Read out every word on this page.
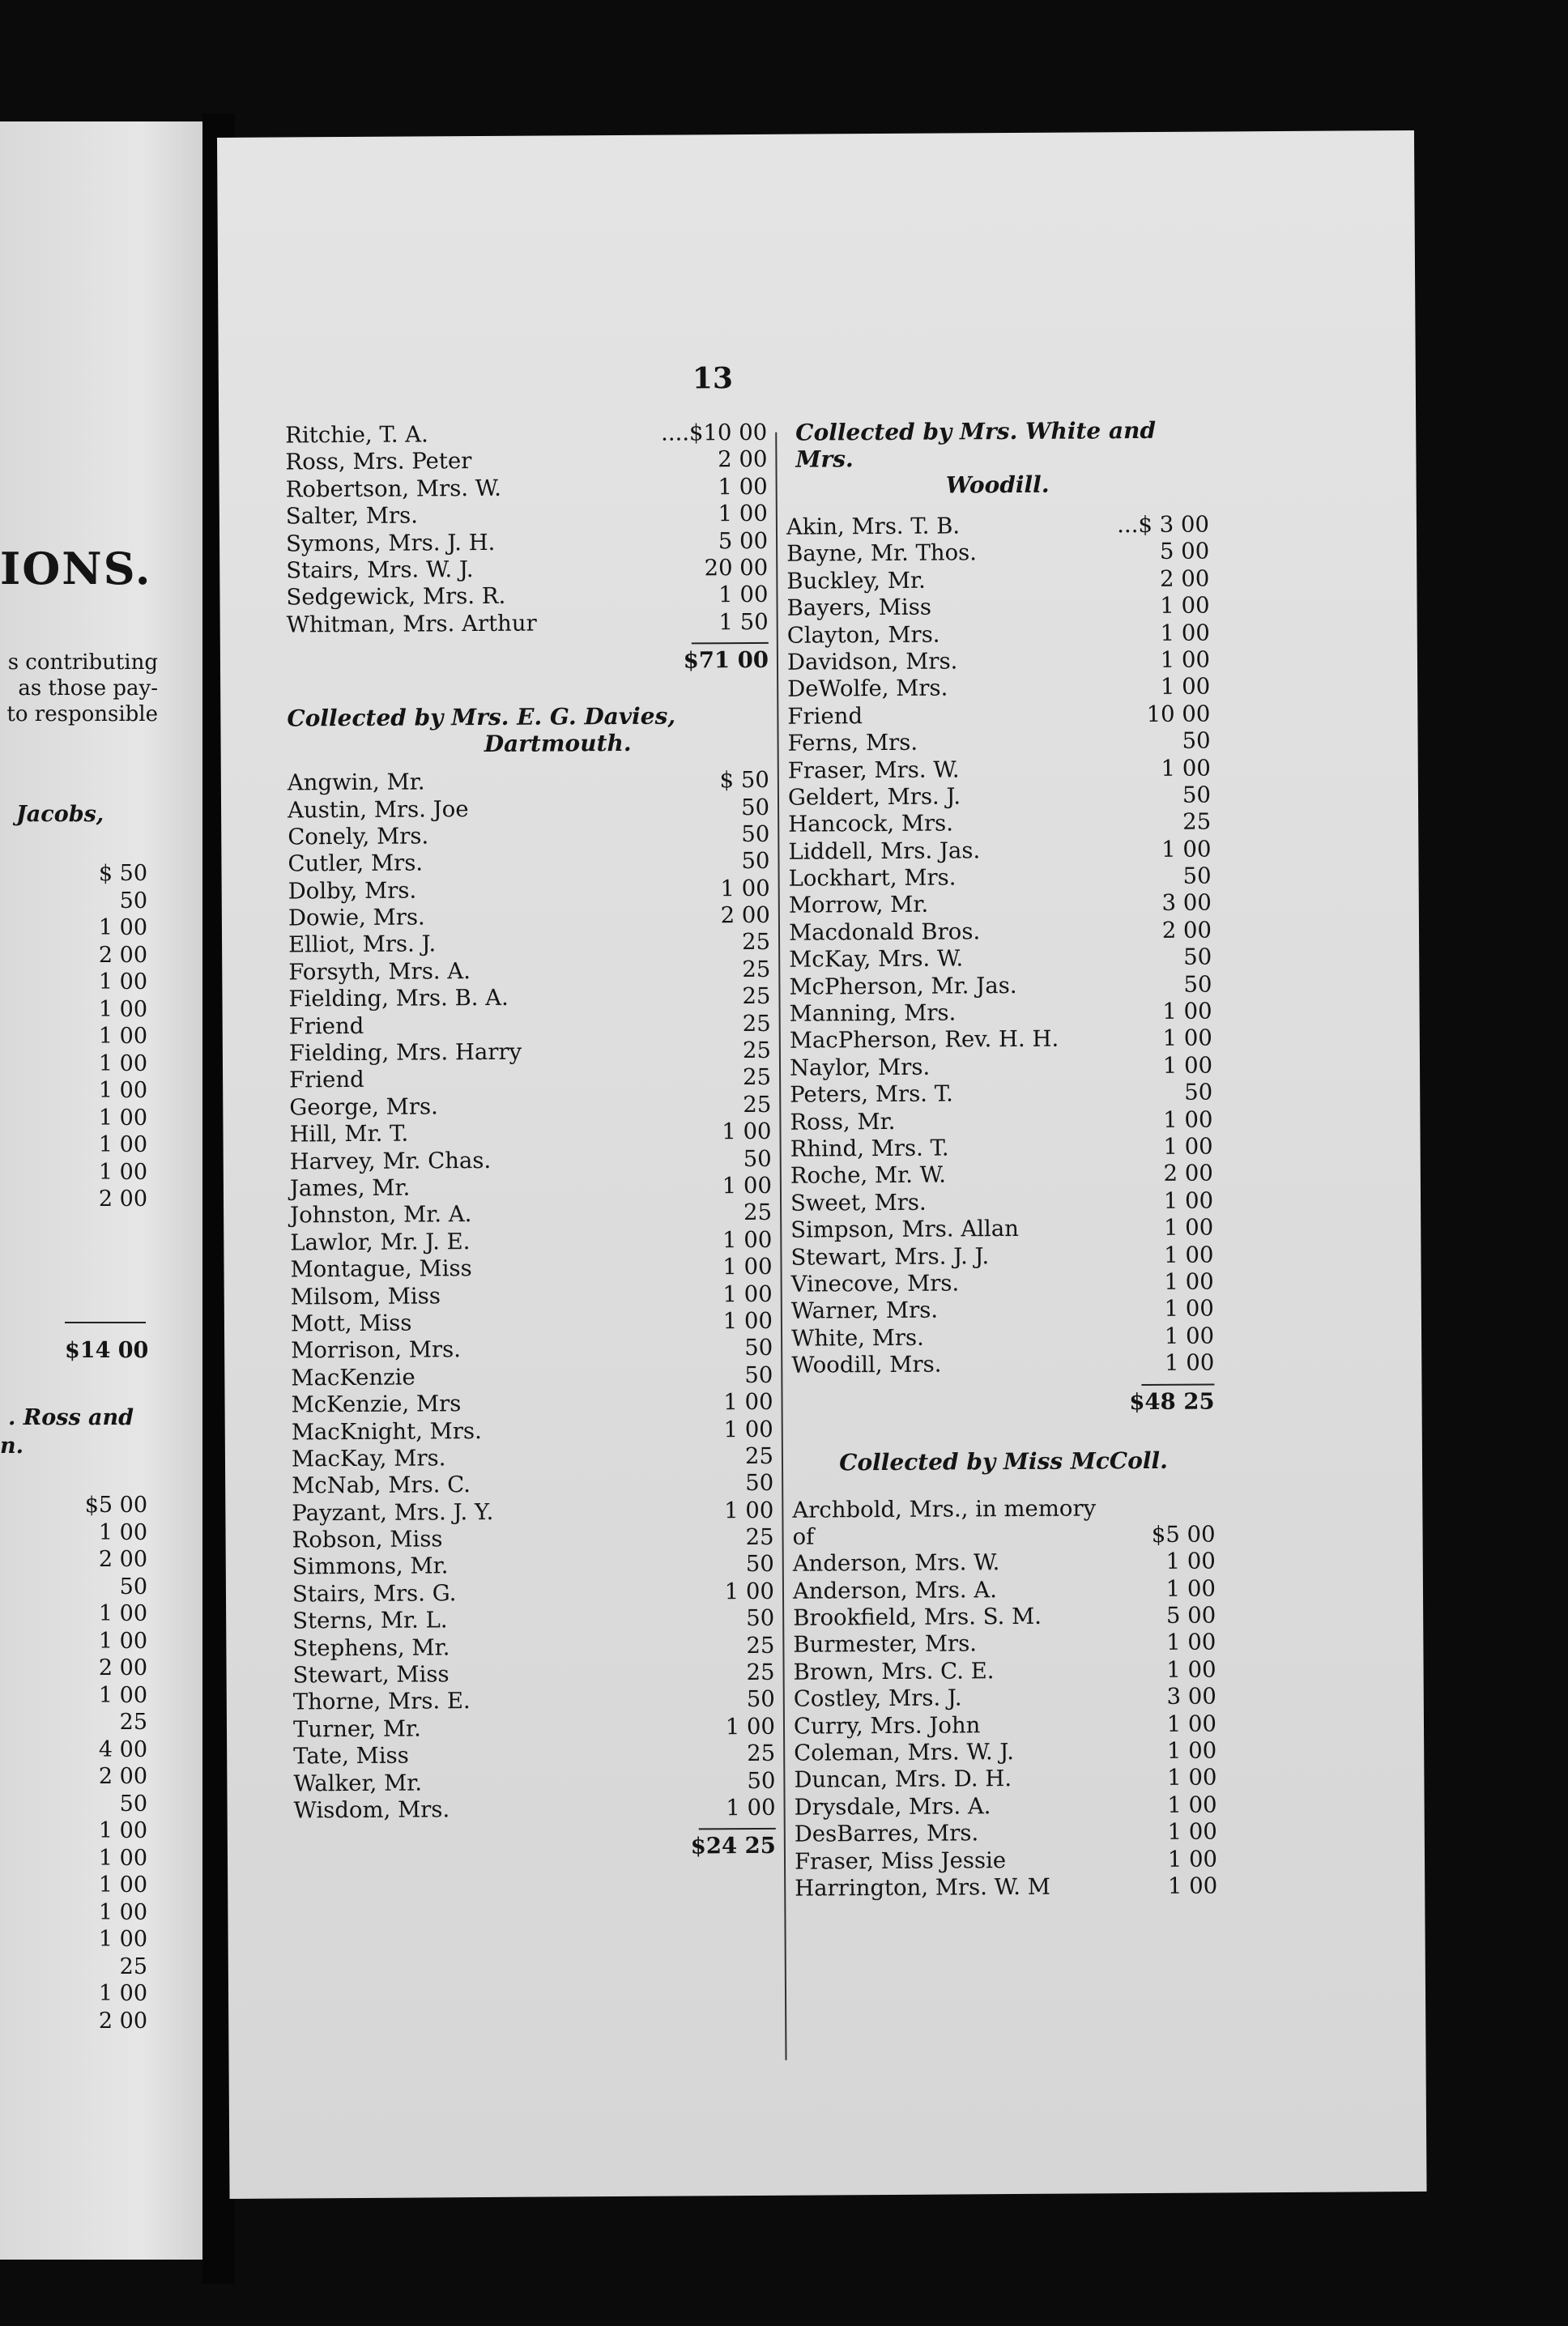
IONS.
s contributing
as those pay-
to responsible
Jacobs,
$ 50
50
1 00
2 00
1 00
1 00
1 00
1 00
1 00
1 00
1 00
1 00
2 00
$14 00
. Ross and
n.
$5 00
1 00
2 00
50
1 00
1 00
2 00
1 00
25
4 00
2 00
50
1 00
1 00
1 00
1 00
1 00
25
1 00
2 00
13
Ritchie, T. A.	....$10 00
Ross, Mrs. Peter	2 00
Robertson, Mrs. W.	1 00
Salter, Mrs.	1 00
Symons, Mrs. J. H.	5 00
Stairs, Mrs. W. J.	20 00
Sedgewick, Mrs. R.	1 00
Whitman, Mrs. Arthur	1 50
$71 00
Collected by Mrs. E. G. Davies,
Dartmouth.
Angwin, Mr.	$ 50
Austin, Mrs. Joe	50
Conely, Mrs.	50
Cutler, Mrs.	50
Dolby, Mrs.	1 00
Dowie, Mrs.	2 00
Elliot, Mrs. J.	25
Forsyth, Mrs. A.	25
Fielding, Mrs. B. A.	25
Friend	25
Fielding, Mrs. Harry	25
Friend	25
George, Mrs.	25
Hill, Mr. T.	1 00
Harvey, Mr. Chas.	50
James, Mr.	1 00
Johnston, Mr. A.	25
Lawlor, Mr. J. E.	1 00
Montague, Miss	1 00
Milsom, Miss	1 00
Mott, Miss	1 00
Morrison, Mrs.	50
MacKenzie	50
McKenzie, Mrs	1 00
MacKnight, Mrs.	1 00
MacKay, Mrs.	25
McNab, Mrs. C.	50
Payzant, Mrs. J. Y.	1 00
Robson, Miss	25
Simmons, Mr.	50
Stairs, Mrs. G.	1 00
Sterns, Mr. L.	50
Stephens, Mr.	25
Stewart, Miss	25
Thorne, Mrs. E.	50
Turner, Mr.	1 00
Tate, Miss	25
Walker, Mr.	50
Wisdom, Mrs.	1 00
$24 25
Collected by Mrs. White and Mrs.
Woodill.
Akin, Mrs. T. B.	...$ 3 00
Bayne, Mr. Thos.	5 00
Buckley, Mr.	2 00
Bayers, Miss	1 00
Clayton, Mrs.	1 00
Davidson, Mrs.	1 00
DeWolfe, Mrs.	1 00
Friend	10 00
Ferns, Mrs.	50
Fraser, Mrs. W.	1 00
Geldert, Mrs. J.	50
Hancock, Mrs.	25
Liddell, Mrs. Jas.	1 00
Lockhart, Mrs.	50
Morrow, Mr.	3 00
Macdonald Bros.	2 00
McKay, Mrs. W.	50
McPherson, Mr. Jas.	50
Manning, Mrs.	1 00
MacPherson, Rev. H. H.	1 00
Naylor, Mrs.	1 00
Peters, Mrs. T.	50
Ross, Mr.	1 00
Rhind, Mrs. T.	1 00
Roche, Mr. W.	2 00
Sweet, Mrs.	1 00
Simpson, Mrs. Allan	1 00
Stewart, Mrs. J. J.	1 00
Vinecove, Mrs.	1 00
Warner, Mrs.	1 00
White, Mrs.	1 00
Woodill, Mrs.	1 00
$48 25
Collected by Miss McColl.
Archbold, Mrs., in memory
of	$5 00
Anderson, Mrs. W.	1 00
Anderson, Mrs. A.	1 00
Brookfield, Mrs. S. M.	5 00
Burmester, Mrs.	1 00
Brown, Mrs. C. E.	1 00
Costley, Mrs. J.	3 00
Curry, Mrs. John	1 00
Coleman, Mrs. W. J.	1 00
Duncan, Mrs. D. H.	1 00
Drysdale, Mrs. A.	1 00
DesBarres, Mrs.	1 00
Fraser, Miss Jessie	1 00
Harrington, Mrs. W. M	1 00
